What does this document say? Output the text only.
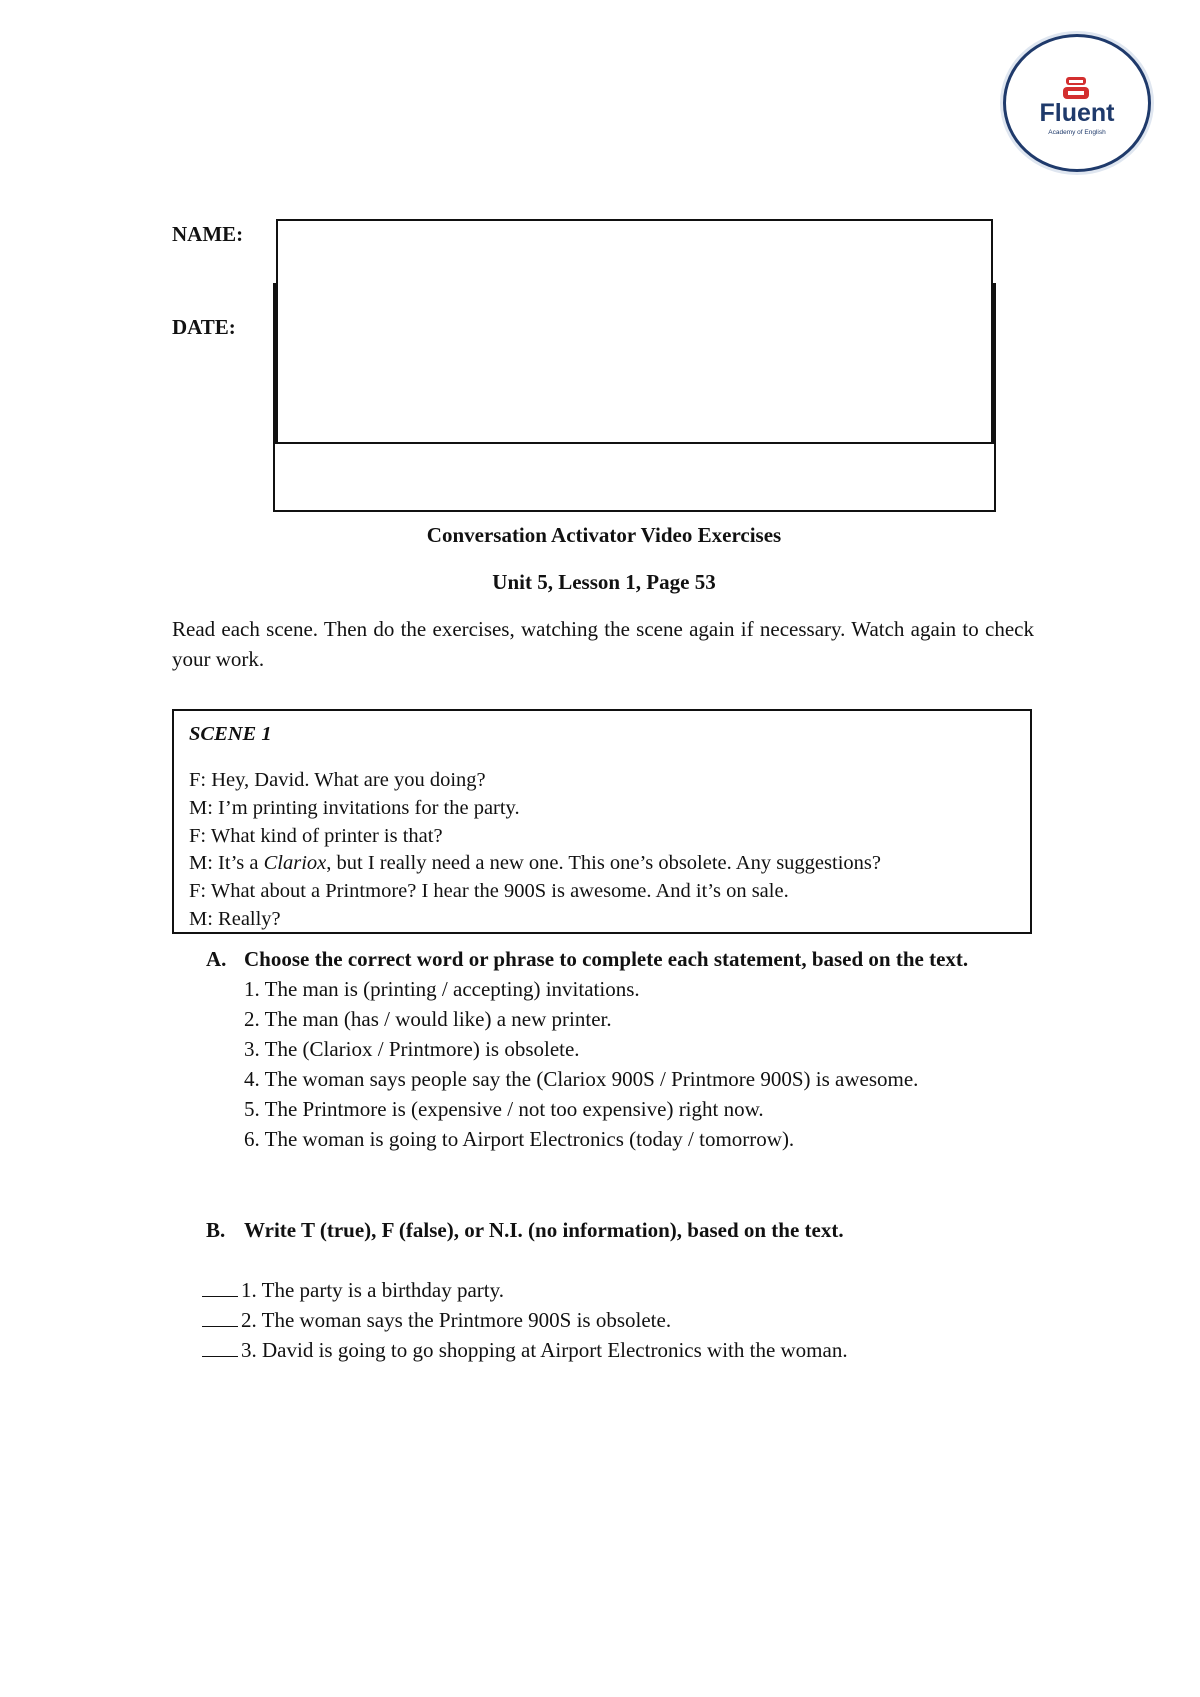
Fluent
Academy of English
NAME:
DATE:
Conversation Activator Video Exercises
Unit 5, Lesson 1, Page 53
Read each scene. Then do the exercises, watching the scene again if necessary. Watch again to check your work.
SCENE 1
F: Hey, David. What are you doing?
M: I’m printing invitations for the party.
F: What kind of printer is that?
M: It’s a Clariox, but I really need a new one. This one’s obsolete. Any suggestions?
F: What about a Printmore? I hear the 900S is awesome. And it’s on sale.
M: Really?
A. Choose the correct word or phrase to complete each statement, based on the text.
1. The man is (printing / accepting) invitations.
2. The man (has / would like) a new printer.
3. The (Clariox / Printmore) is obsolete.
4. The woman says people say the (Clariox 900S / Printmore 900S) is awesome.
5. The Printmore is (expensive / not too expensive) right now.
6. The woman is going to Airport Electronics (today / tomorrow).
B. Write T (true), F (false), or N.I. (no information), based on the text.
1. The party is a birthday party.
2. The woman says the Printmore 900S is obsolete.
3. David is going to go shopping at Airport Electronics with the woman.
